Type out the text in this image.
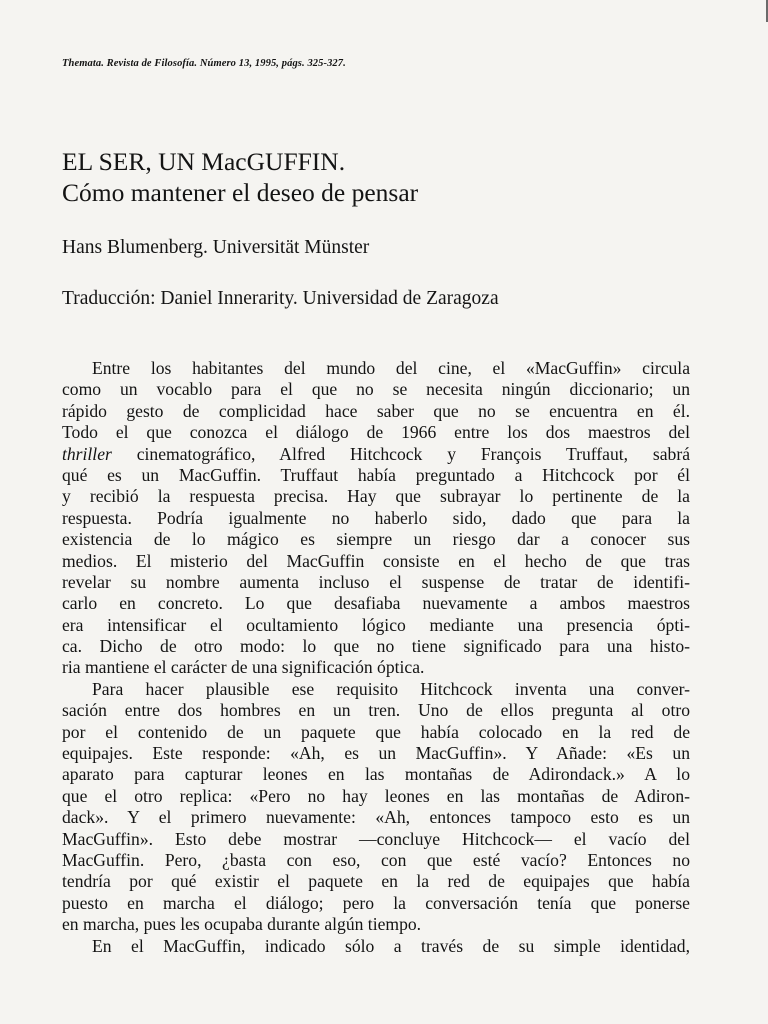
Themata. Revista de Filosofía. Número 13, 1995, págs. 325-327.
EL SER, UN MacGUFFIN.
Cómo mantener el deseo de pensar

Hans Blumenberg. Universität Münster

Traducción: Daniel Innerarity. Universidad de Zaragoza

Entre los habitantes del mundo del cine, el «MacGuffin» circula
como un vocablo para el que no se necesita ningún diccionario; un
rápido gesto de complicidad hace saber que no se encuentra en él.
Todo el que conozca el diálogo de 1966 entre los dos maestros del
thriller cinematográfico, Alfred Hitchcock y François Truffaut, sabrá
qué es un MacGuffin. Truffaut había preguntado a Hitchcock por él
y recibió la respuesta precisa. Hay que subrayar lo pertinente de la
respuesta. Podría igualmente no haberlo sido, dado que para la
existencia de lo mágico es siempre un riesgo dar a conocer sus
medios. El misterio del MacGuffin consiste en el hecho de que tras
revelar su nombre aumenta incluso el suspense de tratar de identifi-
carlo en concreto. Lo que desafiaba nuevamente a ambos maestros
era intensificar el ocultamiento lógico mediante una presencia ópti-
ca. Dicho de otro modo: lo que no tiene significado para una histo-
ria mantiene el carácter de una significación óptica.
Para hacer plausible ese requisito Hitchcock inventa una conver-
sación entre dos hombres en un tren. Uno de ellos pregunta al otro
por el contenido de un paquete que había colocado en la red de
equipajes. Este responde: «Ah, es un MacGuffin». Y Añade: «Es un
aparato para capturar leones en las montañas de Adirondack.» A lo
que el otro replica: «Pero no hay leones en las montañas de Adiron-
dack». Y el primero nuevamente: «Ah, entonces tampoco esto es un
MacGuffin». Esto debe mostrar —concluye Hitchcock— el vacío del
MacGuffin. Pero, ¿basta con eso, con que esté vacío? Entonces no
tendría por qué existir el paquete en la red de equipajes que había
puesto en marcha el diálogo; pero la conversación tenía que ponerse
en marcha, pues les ocupaba durante algún tiempo.
En el MacGuffin, indicado sólo a través de su simple identidad,
